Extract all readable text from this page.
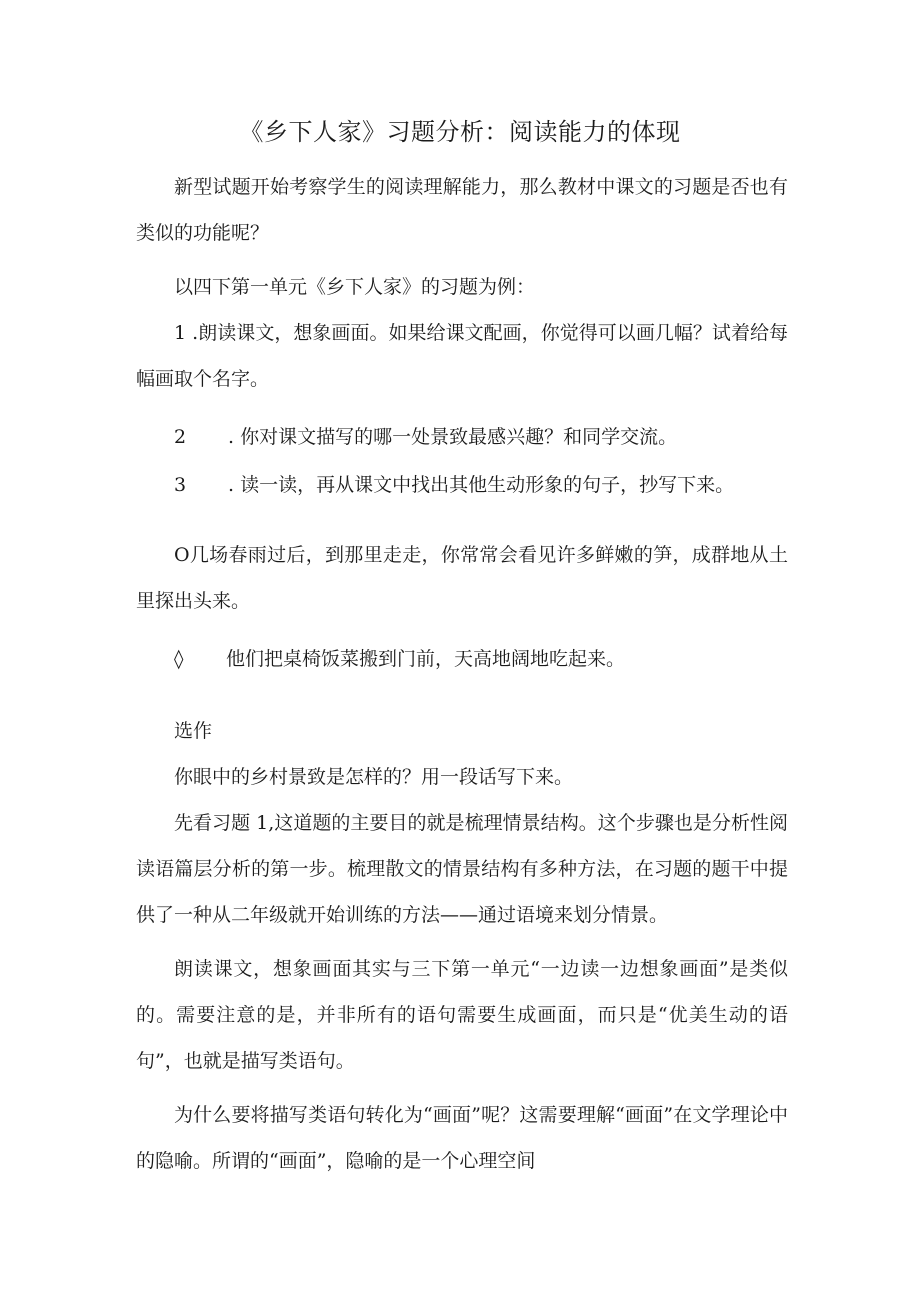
《乡下人家》习题分析：阅读能力的体现

新型试题开始考察学生的阅读理解能力，那么教材中课文的习题是否也有类似的功能呢？

以四下第一单元《乡下人家》的习题为例：

1 .朗读课文，想象画面。如果给课文配画，你觉得可以画几幅？试着给每幅画取个名字。

2 . 你对课文描写的哪一处景致最感兴趣？和同学交流。
3 . 读一读，再从课文中找出其他生动形象的句子，抄写下来。

O几场春雨过后，到那里走走，你常常会看见许多鲜嫩的笋，成群地从土里探出头来。

◊ 他们把桌椅饭菜搬到门前，天高地阔地吃起来。
选作
你眼中的乡村景致是怎样的？用一段话写下来。

先看习题 1,这道题的主要目的就是梳理情景结构。这个步骤也是分析性阅读语篇层分析的第一步。梳理散文的情景结构有多种方法，在习题的题干中提供了一种从二年级就开始训练的方法——通过语境来划分情景。

朗读课文，想象画面其实与三下第一单元“一边读一边想象画面”是类似的。需要注意的是，并非所有的语句需要生成画面，而只是“优美生动的语句”，也就是描写类语句。

为什么要将描写类语句转化为“画面”呢？这需要理解“画面”在文学理论中的隐喻。所谓的“画面”，隐喻的是一个心理空间
